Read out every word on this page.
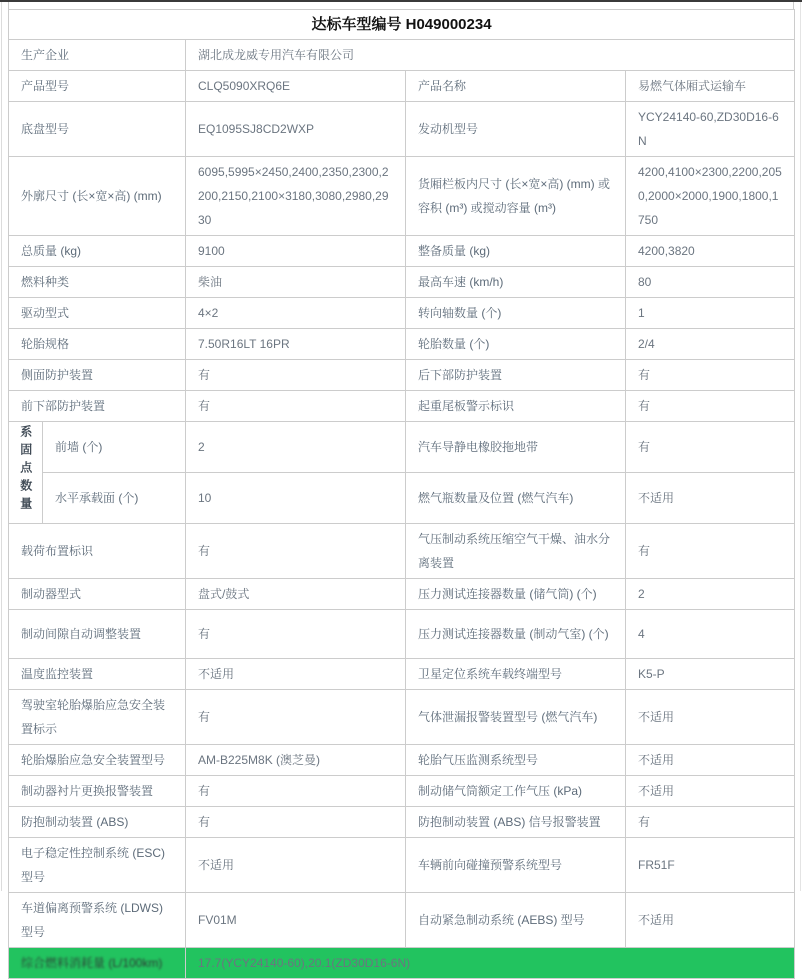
达标车型编号 H049000234				
生产企业		湖北成龙威专用汽车有限公司		
产品型号		CLQ5090XRQ6E	产品名称	易燃气体厢式运输车
底盘型号		EQ1095SJ8CD2WXP	发动机型号	YCY24140-60,ZD30D16-6N
外廓尺寸 (长×宽×高) (mm)		6095,5995×2450,2400,2350,2300,2200,2150,2100×3180,3080,2980,2930	货厢栏板内尺寸 (长×宽×高) (mm) 或容积 (m³) 或搅动容量 (m³)	4200,4100×2300,2200,2050,2000×2000,1900,1800,1750
总质量 (kg)		9100	整备质量 (kg)	4200,3820
燃料种类		柴油	最高车速 (km/h)	80
驱动型式		4×2	转向轴数量 (个)	1
轮胎规格		7.50R16LT 16PR	轮胎数量 (个)	2/4
侧面防护装置		有	后下部防护装置	有
前下部防护装置		有	起重尾板警示标识	有
系固点数量	前墙 (个)	2	汽车导静电橡胶拖地带	有
	水平承载面 (个)	10	燃气瓶数量及位置 (燃气汽车)	不适用
载荷布置标识		有	气压制动系统压缩空气干燥、油水分离装置	有
制动器型式		盘式/鼓式	压力测试连接器数量 (储气筒) (个)	2
制动间隙自动调整装置		有	压力测试连接器数量 (制动气室) (个)	4
温度监控装置		不适用	卫星定位系统车载终端型号	K5-P
驾驶室轮胎爆胎应急安全装置标示		有	气体泄漏报警装置型号 (燃气汽车)	不适用
轮胎爆胎应急安全装置型号		AM-B225M8K (澳芝曼)	轮胎气压监测系统型号	不适用
制动器衬片更换报警装置		有	制动储气筒额定工作气压 (kPa)	不适用
防抱制动装置 (ABS)		有	防抱制动装置 (ABS) 信号报警装置	有
电子稳定性控制系统 (ESC) 型号		不适用	车辆前向碰撞预警系统型号	FR51F
车道偏离预警系统 (LDWS) 型号		FV01M	自动紧急制动系统 (AEBS) 型号	不适用
综合燃料消耗量 (L/100km)		17.7(YCY24140-60),20.1(ZD30D16-6N)		
